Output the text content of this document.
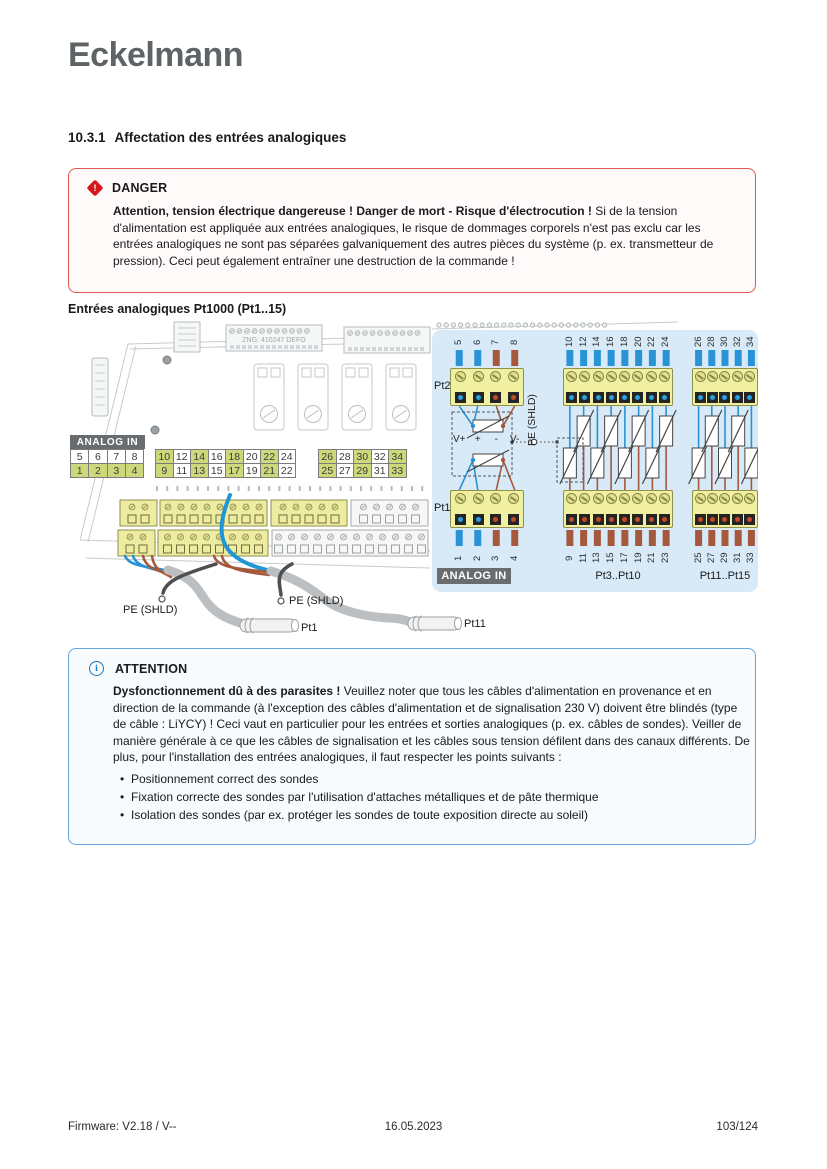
Eckelmann
10.3.1 Affectation des entrées analogiques
! DANGER

Attention, tension électrique dangereuse ! Danger de mort - Risque d'électrocution ! Si de la tension d'alimentation est appliquée aux entrées analogiques, le risque de dommages corporels n'est pas exclu car les entrées analogiques ne sont pas séparées galvaniquement des autres pièces du système (p. ex. transmetteur de pression). Ceci peut également entraîner une destruction de la commande !

Entrées analogiques Pt1000 (Pt1..15)
ZNG: 410247 DEFO
ANALOG IN
5	6	7	8
1	2	3	4
10 12 14 16 18 20 22 24
9 11 13 15 17 19 21 22
26 28 30 32 34
25 27 29 31 33
Pt2
Pt1
PE (SHLD)
ANALOG IN	Pt3..Pt10	Pt11..Pt15
5 6 7 8
1 2 3 4
10 12 14 16 18 20 22 24
9 11 13 15 17 19 21 23
26 28 30 32 34
25 27 29 31 33
V+ +	-	V-
PE (SHLD)
PE (SHLD)
Pt1	Pt11
i	ATTENTION

Dysfonctionnement dû à des parasites ! Veuillez noter que tous les câbles d'alimentation en provenance et en direction de la commande (à l'exception des câbles d'alimentation et de signalisation 230 V) doivent être blindés (type de câble : LiYCY) ! Ceci vaut en particulier pour les entrées et sorties analogiques (p. ex. câbles de sondes). Veiller de manière générale à ce que les câbles de signalisation et les câbles sous tension défilent dans des canaux différents. De plus, pour l'installation des entrées analogiques, il faut respecter les points suivants :

• Positionnement correct des sondes
• Fixation correcte des sondes par l'utilisation d'attaches métalliques et de pâte thermique
• Isolation des sondes (par ex. protéger les sondes de toute exposition directe au soleil)
Firmware: V2.18 / V--	16.05.2023	103/124
